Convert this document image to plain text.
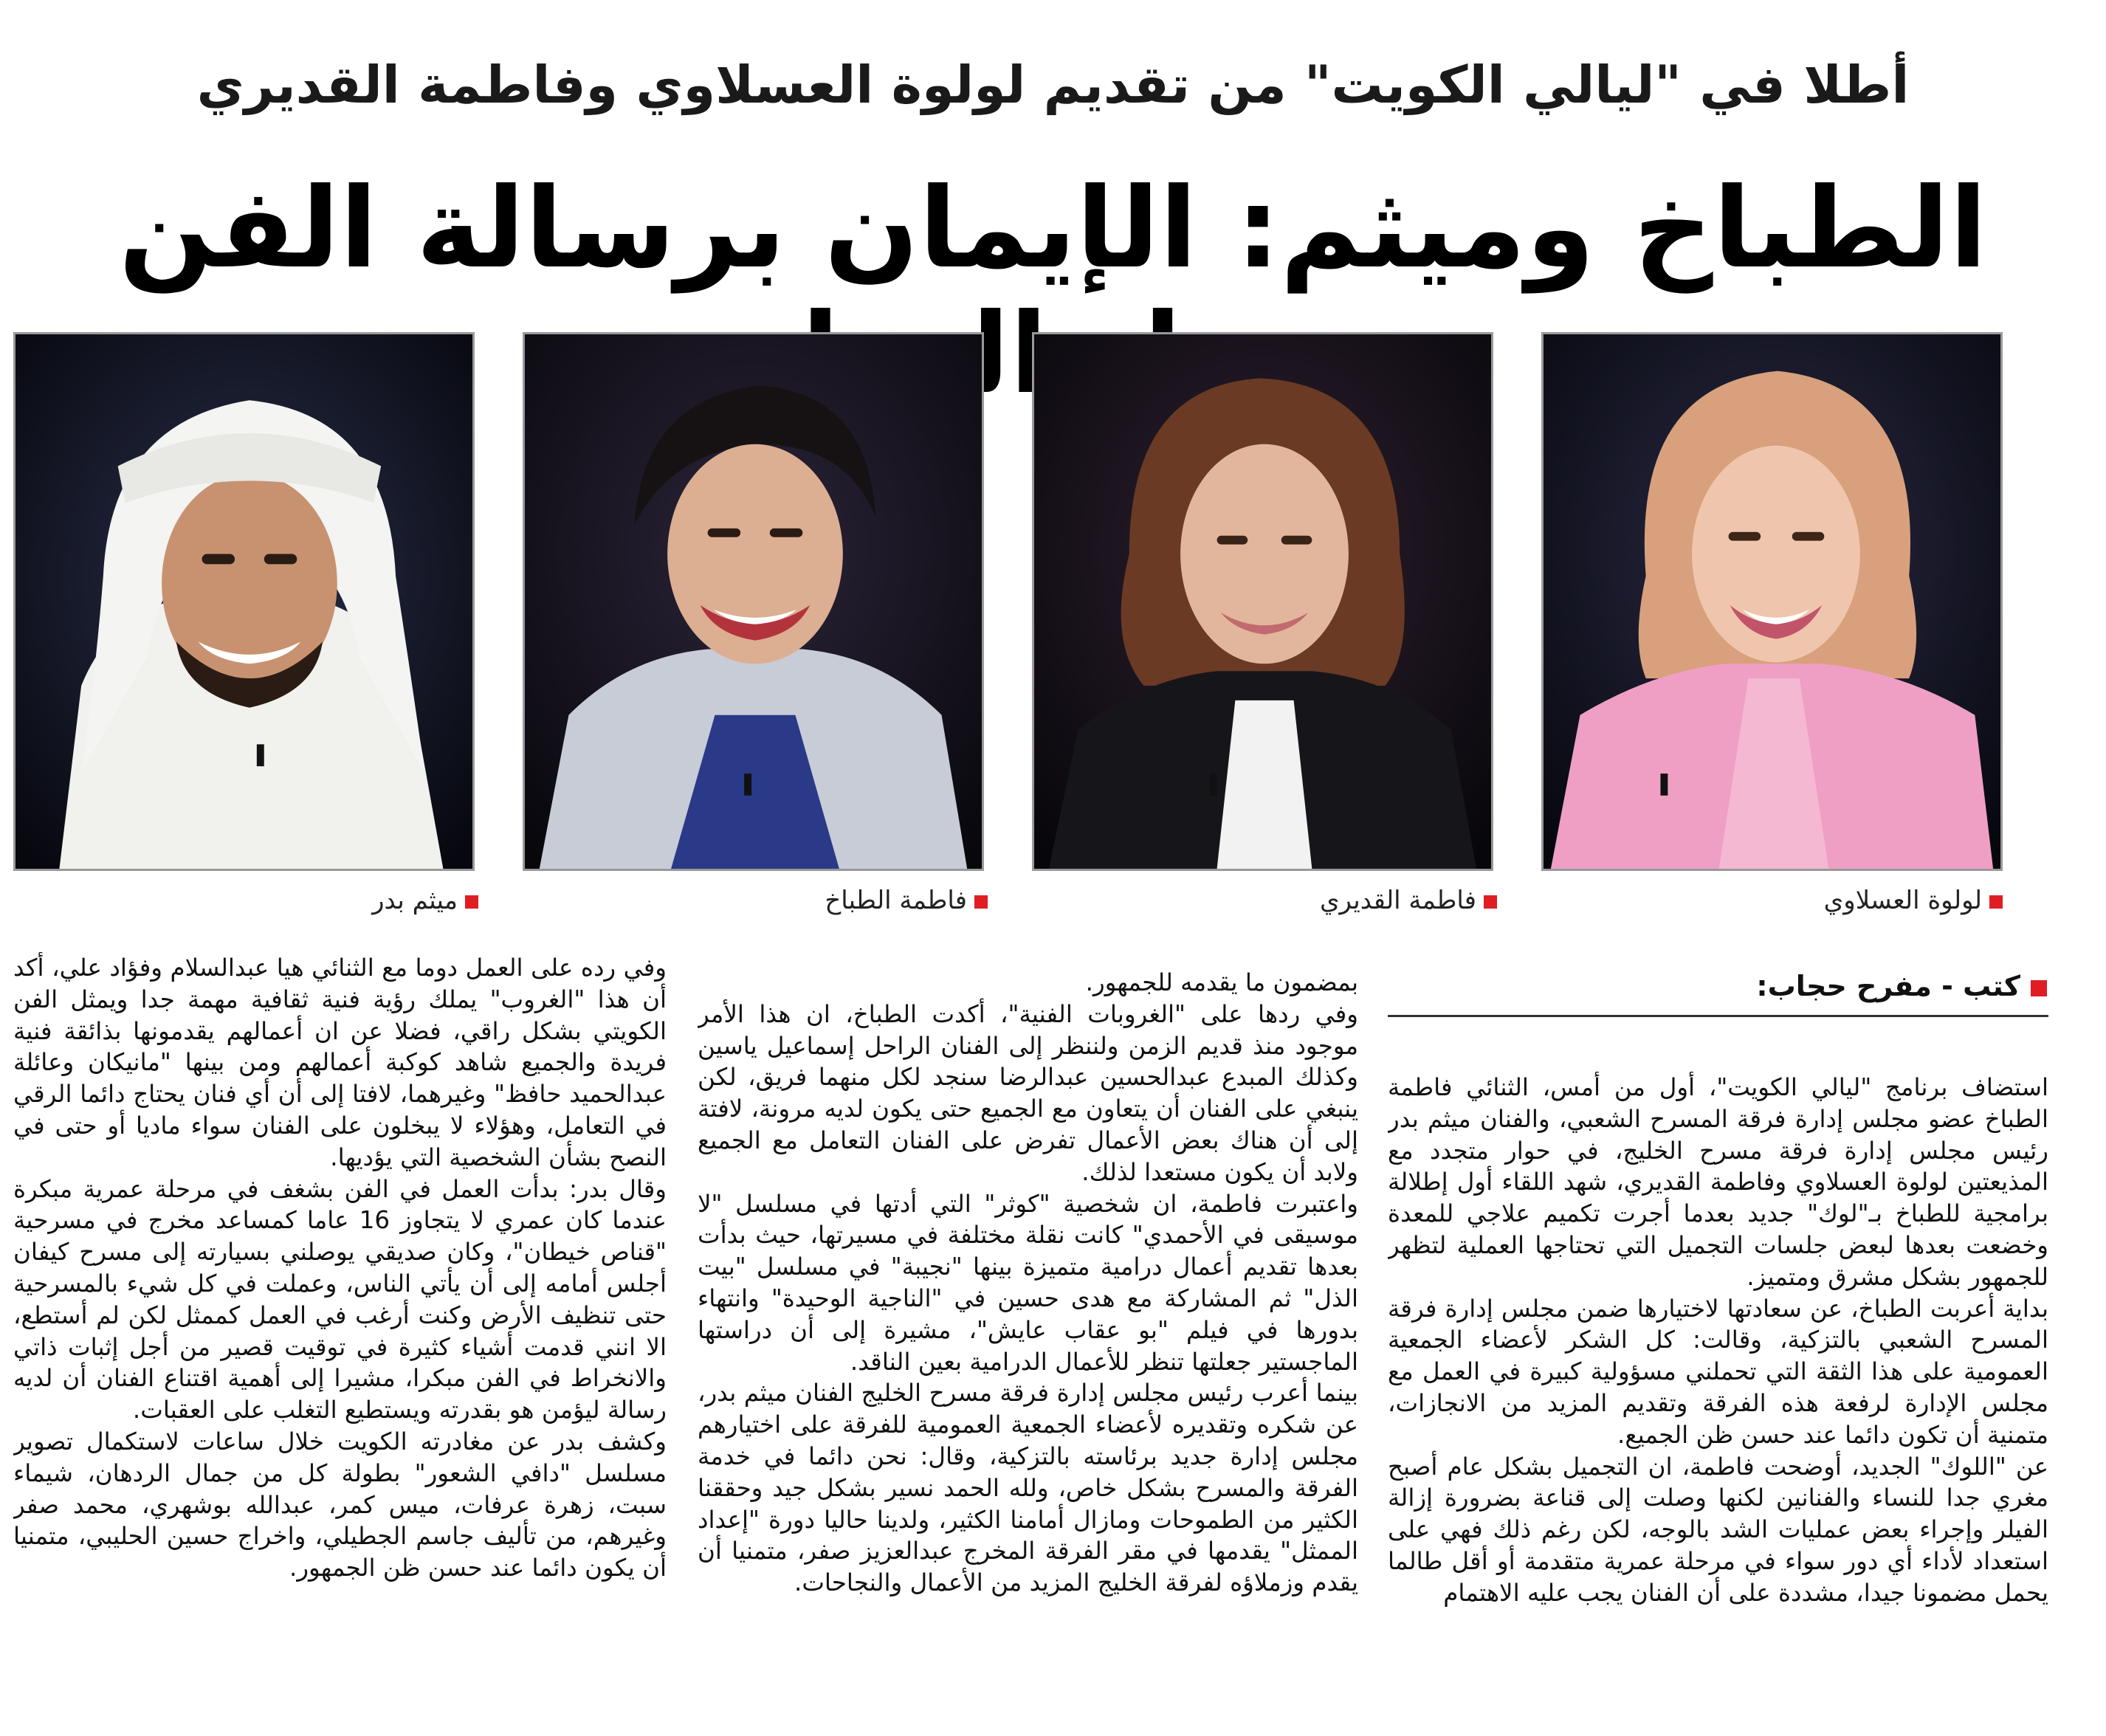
أطلا في "ليالي الكويت" من تقديم لولوة العسلاوي وفاطمة القديري
الطباخ وميثم: الإيمان برسالة الفن
ميثم بدر	فاطمة الطباخ	فاطمة القديري	لولوة العسلاوي
كتب - مفرح حجاب:

استضاف برنامج "ليالي الكويت"، أول من أمس، الثنائي فاطمة الطباخ عضو مجلس إدارة فرقة المسرح الشعبي، والفنان ميثم بدر رئيس مجلس إدارة فرقة مسرح الخليج، في حوار متجدد مع المذيعتين لولوة العسلاوي وفاطمة القديري، شهد اللقاء أول إطلالة برامجية للطباخ بـ"لوك" جديد بعدما أجرت تكميم علاجي للمعدة وخضعت بعدها لبعض جلسات التجميل التي تحتاجها العملية لتظهر للجمهور بشكل مشرق ومتميز.

بداية أعربت الطباخ، عن سعادتها لاختيارها ضمن مجلس إدارة فرقة المسرح الشعبي بالتزكية، وقالت: كل الشكر لأعضاء الجمعية العمومية على هذا الثقة التي تحملني مسؤولية كبيرة في العمل مع مجلس الإدارة لرفعة هذه الفرقة وتقديم المزيد من الانجازات، متمنية أن تكون دائما عند حسن ظن الجميع.

عن "اللوك" الجديد، أوضحت فاطمة، ان التجميل بشكل عام أصبح مغري جدا للنساء والفنانين لكنها وصلت إلى قناعة بضرورة إزالة الفيلر وإجراء بعض عمليات الشد بالوجه، لكن رغم ذلك فهي على استعداد لأداء أي دور سواء في مرحلة عمرية متقدمة أو أقل طالما يحمل مضمونا جيدا، مشددة على أن الفنان يجب عليه الاهتمام

بمضمون ما يقدمه للجمهور.

وفي ردها على "الغروبات الفنية"، أكدت الطباخ، ان هذا الأمر موجود منذ قديم الزمن ولننظر إلى الفنان الراحل إسماعيل ياسين وكذلك المبدع عبدالحسين عبدالرضا سنجد لكل منهما فريق، لكن ينبغي على الفنان أن يتعاون مع الجميع حتى يكون لديه مرونة، لافتة إلى أن هناك بعض الأعمال تفرض على الفنان التعامل مع الجميع ولابد أن يكون مستعدا لذلك.

واعتبرت فاطمة، ان شخصية "كوثر" التي أدتها في مسلسل "لا موسيقى في الأحمدي" كانت نقلة مختلفة في مسيرتها، حيث بدأت بعدها تقديم أعمال درامية متميزة بينها "نجيبة" في مسلسل "بيت الذل" ثم المشاركة مع هدى حسين في "الناجية الوحيدة" وانتهاء بدورها في فيلم "بو عقاب عايش"، مشيرة إلى أن دراستها الماجستير جعلتها تنظر للأعمال الدرامية بعين الناقد.

بينما أعرب رئيس مجلس إدارة فرقة مسرح الخليج الفنان ميثم بدر، عن شكره وتقديره لأعضاء الجمعية العمومية للفرقة على اختيارهم مجلس إدارة جديد برئاسته بالتزكية، وقال: نحن دائما في خدمة الفرقة والمسرح بشكل خاص، ولله الحمد نسير بشكل جيد وحققنا الكثير من الطموحات ومازال أمامنا الكثير، ولدينا حاليا دورة "إعداد الممثل" يقدمها في مقر الفرقة المخرج عبدالعزيز صفر، متمنيا أن يقدم وزملاؤه لفرقة الخليج المزيد من الأعمال والنجاحات.

وفي رده على العمل دوما مع الثنائي هيا عبدالسلام وفؤاد علي، أكد أن هذا "الغروب" يملك رؤية فنية ثقافية مهمة جدا ويمثل الفن الكويتي بشكل راقي، فضلا عن ان أعمالهم يقدمونها بذائقة فنية فريدة والجميع شاهد كوكبة أعمالهم ومن بينها "مانيكان وعائلة عبدالحميد حافظ" وغيرهما، لافتا إلى أن أي فنان يحتاج دائما الرقي في التعامل، وهؤلاء لا يبخلون على الفنان سواء ماديا أو حتى في النصح بشأن الشخصية التي يؤديها.

وقال بدر: بدأت العمل في الفن بشغف في مرحلة عمرية مبكرة عندما كان عمري لا يتجاوز 16 عاما كمساعد مخرج في مسرحية "قناص خيطان"، وكان صديقي يوصلني بسيارته إلى مسرح كيفان أجلس أمامه إلى أن يأتي الناس، وعملت في كل شيء بالمسرحية حتى تنظيف الأرض وكنت أرغب في العمل كممثل لكن لم أستطع، الا انني قدمت أشياء كثيرة في توقيت قصير من أجل إثبات ذاتي والانخراط في الفن مبكرا، مشيرا إلى أهمية اقتناع الفنان أن لديه رسالة ليؤمن هو بقدرته ويستطيع التغلب على العقبات.

وكشف بدر عن مغادرته الكويت خلال ساعات لاستكمال تصوير مسلسل "دافي الشعور" بطولة كل من جمال الردهان، شيماء سبت، زهرة عرفات، ميس كمر، عبدالله بوشهري، محمد صفر وغيرهم، من تأليف جاسم الجطيلي، واخراج حسين الحليبي، متمنيا أن يكون دائما عند حسن ظن الجمهور.
